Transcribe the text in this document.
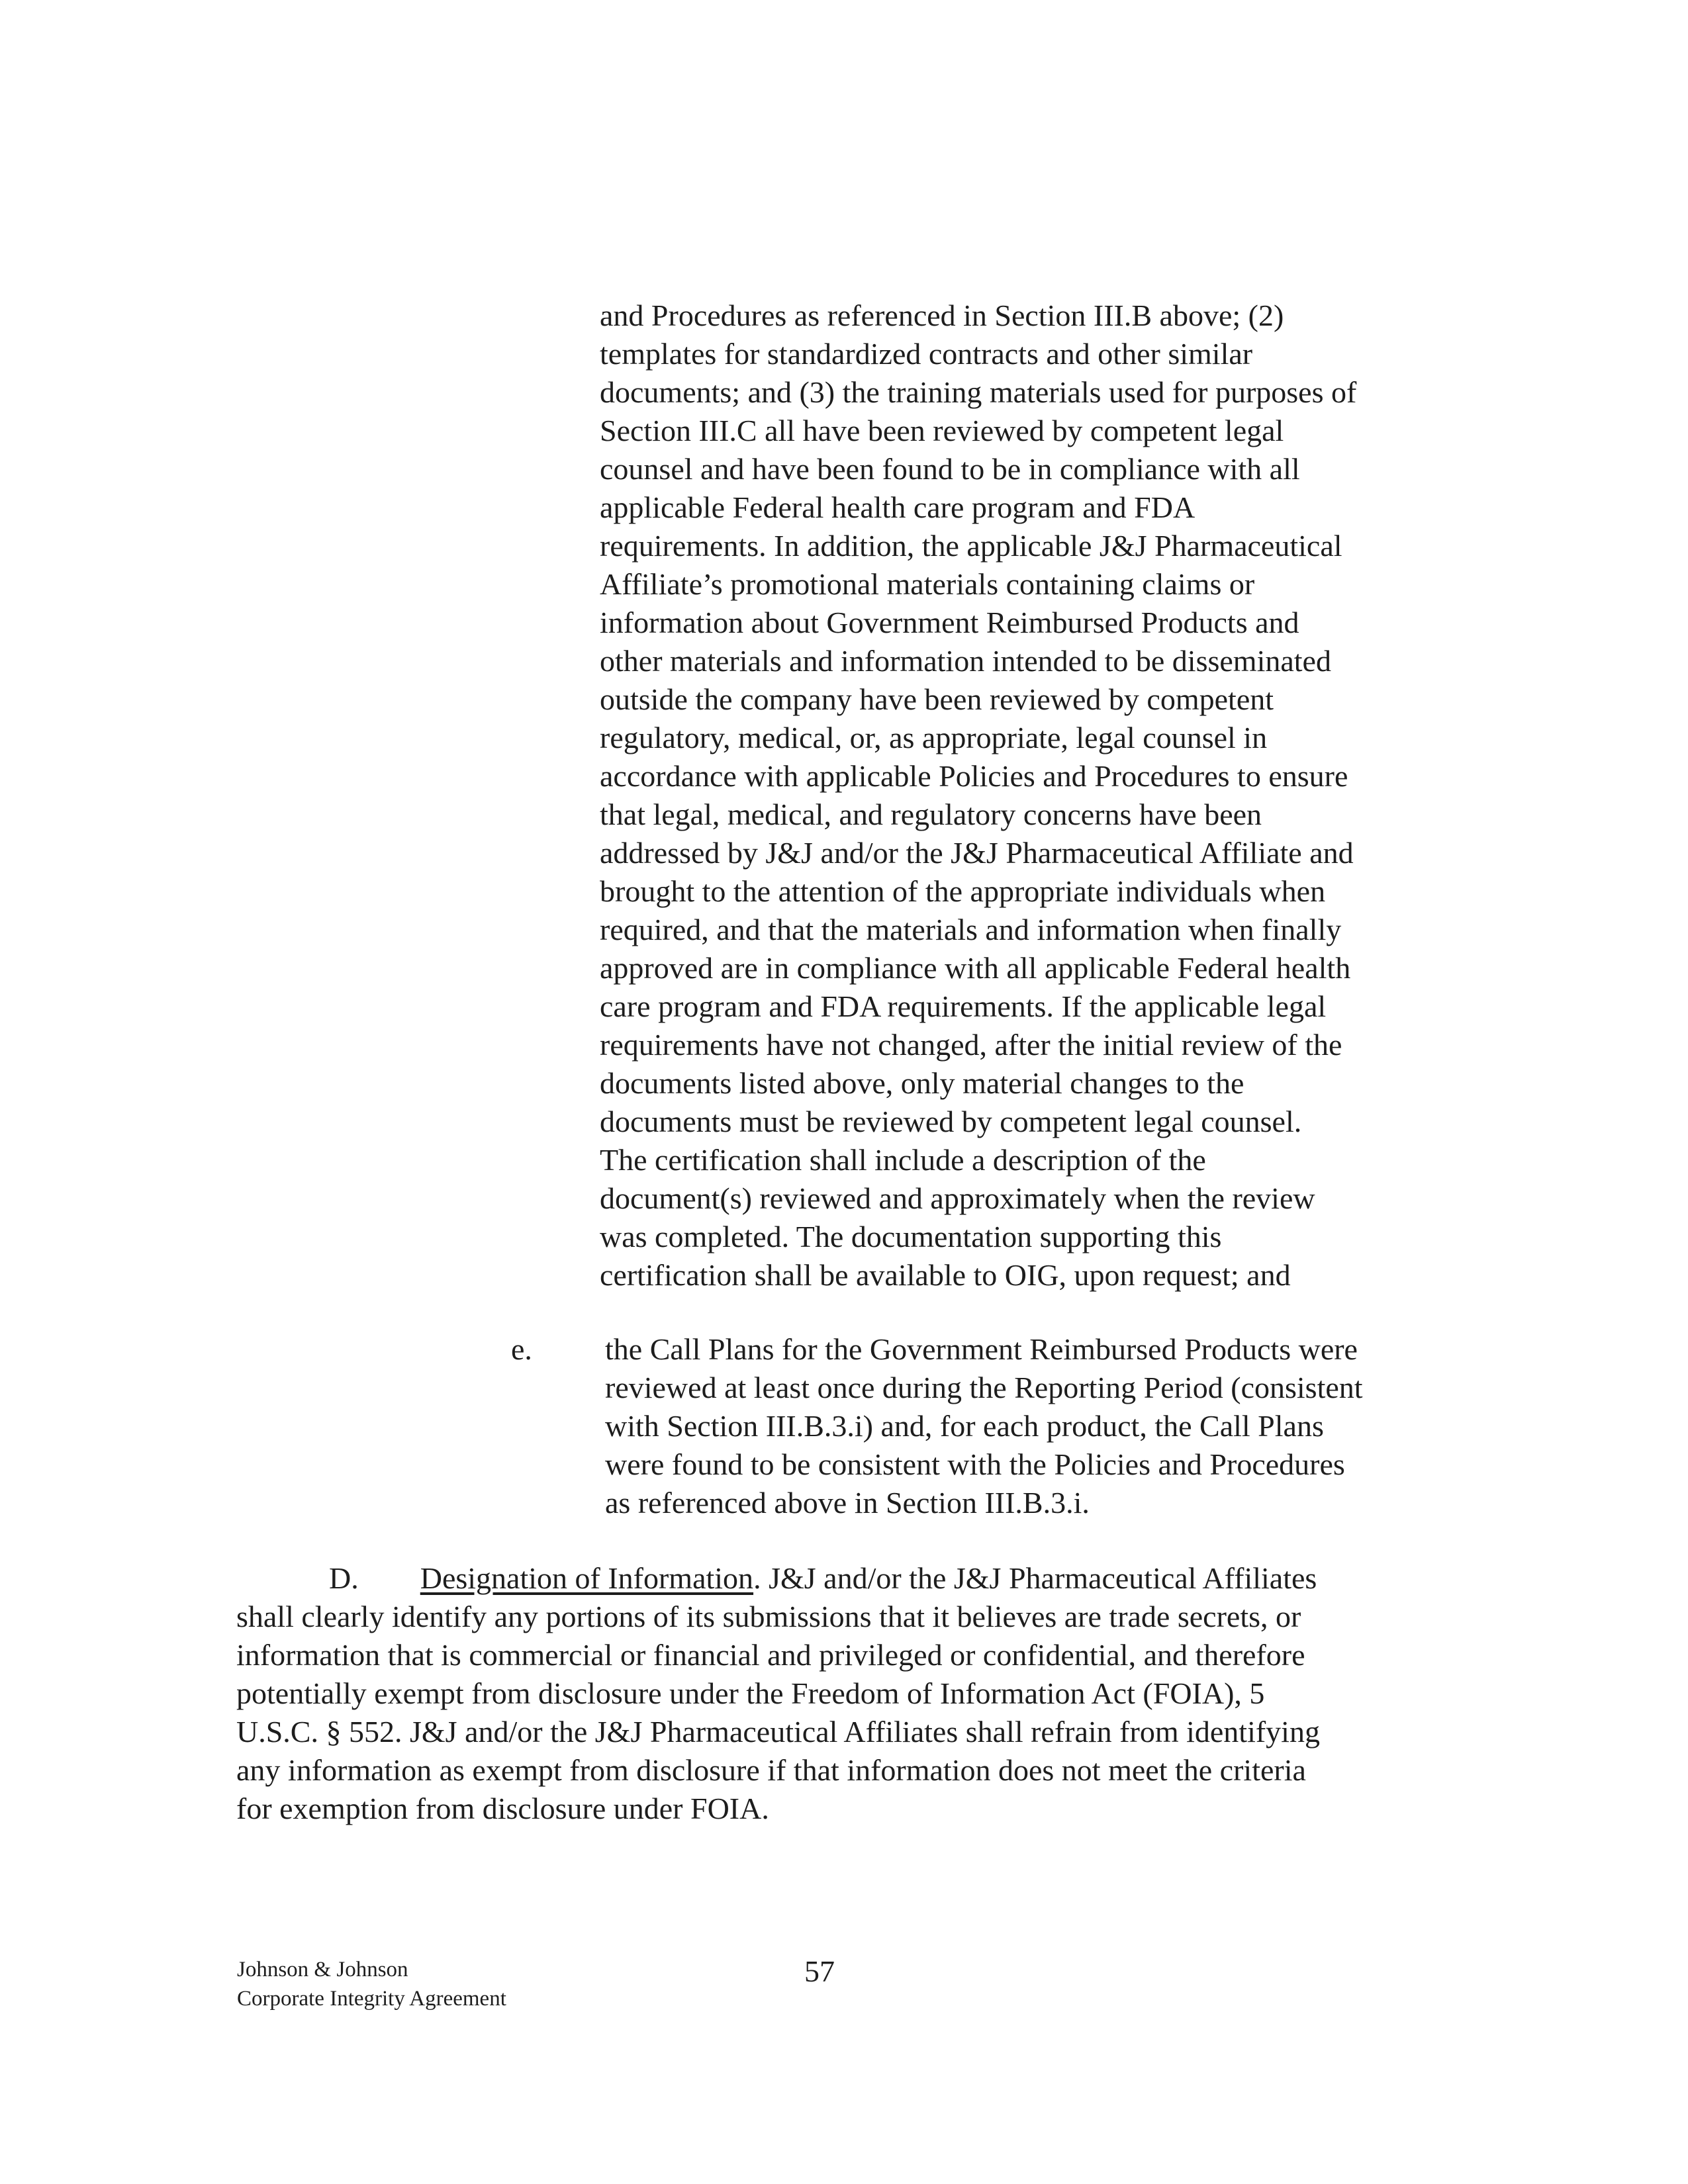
and Procedures as referenced in Section III.B above; (2)
templates for standardized contracts and other similar
documents; and (3) the training materials used for purposes of
Section III.C all have been reviewed by competent legal
counsel and have been found to be in compliance with all
applicable Federal health care program and FDA
requirements. In addition, the applicable J&J Pharmaceutical
Affiliate’s promotional materials containing claims or
information about Government Reimbursed Products and
other materials and information intended to be disseminated
outside the company have been reviewed by competent
regulatory, medical, or, as appropriate, legal counsel in
accordance with applicable Policies and Procedures to ensure
that legal, medical, and regulatory concerns have been
addressed by J&J and/or the J&J Pharmaceutical Affiliate and
brought to the attention of the appropriate individuals when
required, and that the materials and information when finally
approved are in compliance with all applicable Federal health
care program and FDA requirements. If the applicable legal
requirements have not changed, after the initial review of the
documents listed above, only material changes to the
documents must be reviewed by competent legal counsel.
The certification shall include a description of the
document(s) reviewed and approximately when the review
was completed. The documentation supporting this
certification shall be available to OIG, upon request; and
e. the Call Plans for the Government Reimbursed Products were
reviewed at least once during the Reporting Period (consistent
with Section III.B.3.i) and, for each product, the Call Plans
were found to be consistent with the Policies and Procedures
as referenced above in Section III.B.3.i.
D. Designation of Information. J&J and/or the J&J Pharmaceutical Affiliates
shall clearly identify any portions of its submissions that it believes are trade secrets, or
information that is commercial or financial and privileged or confidential, and therefore
potentially exempt from disclosure under the Freedom of Information Act (FOIA), 5
U.S.C. § 552. J&J and/or the J&J Pharmaceutical Affiliates shall refrain from identifying
any information as exempt from disclosure if that information does not meet the criteria
for exemption from disclosure under FOIA.
Johnson & Johnson
Corporate Integrity Agreement
57
